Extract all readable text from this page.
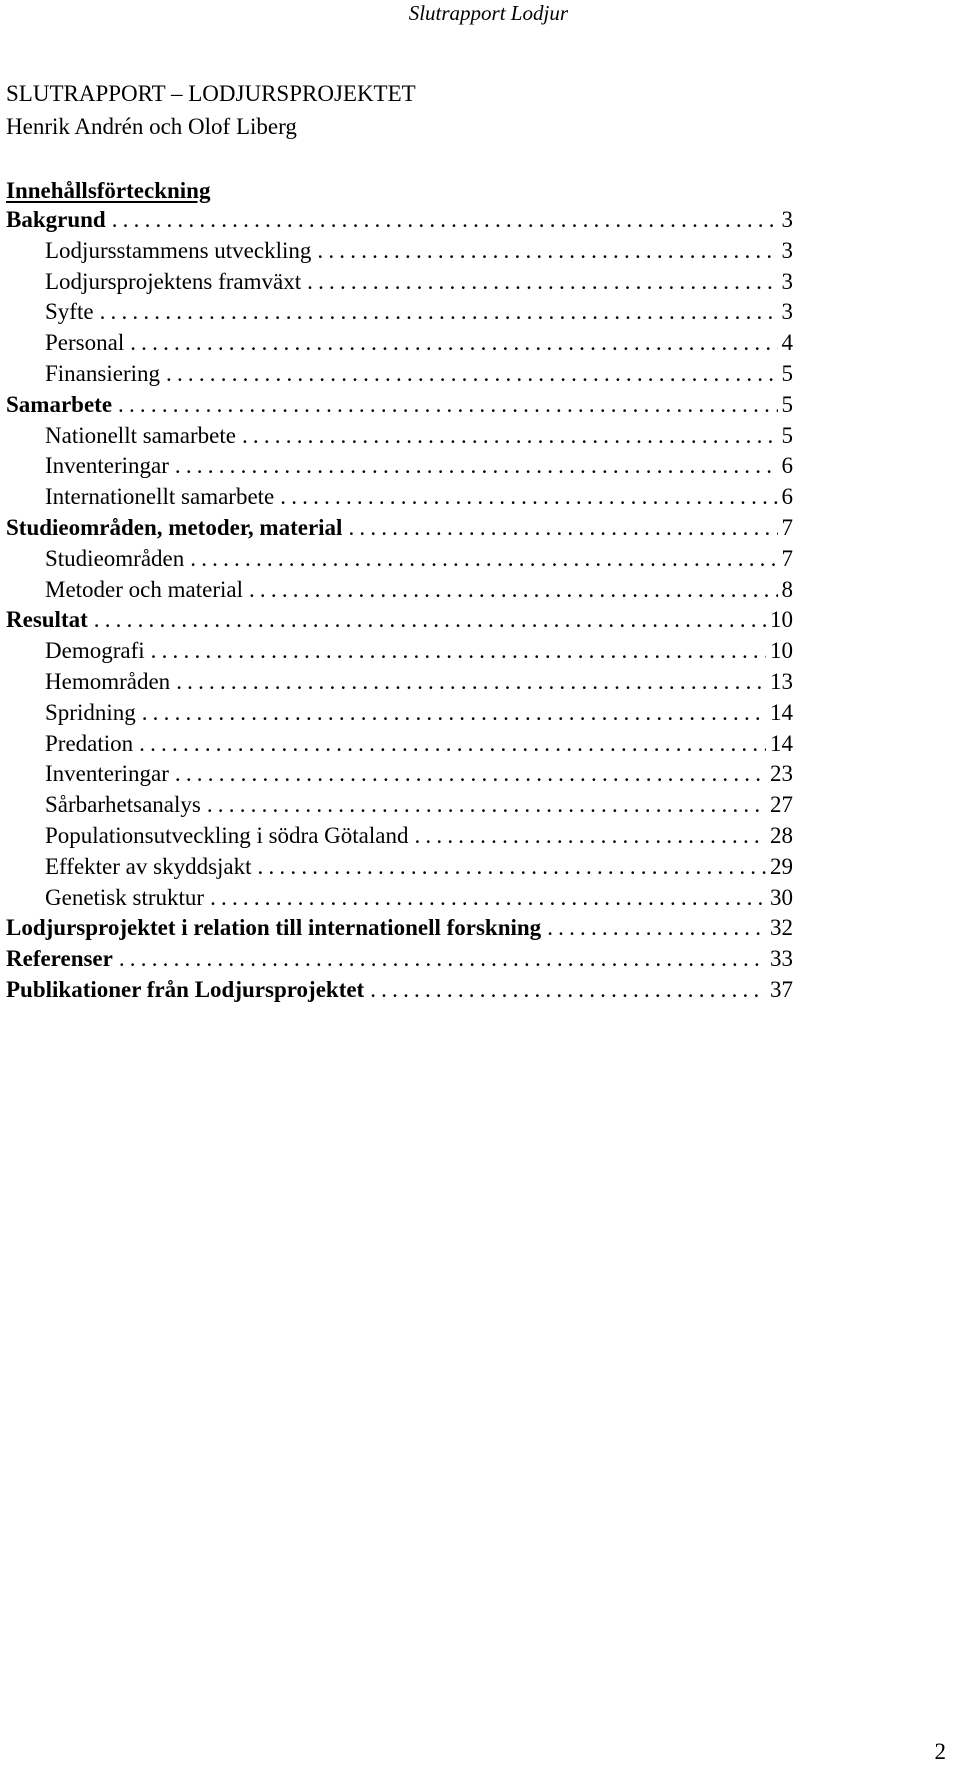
Slutrapport Lodjur
SLUTRAPPORT – LODJURSPROJEKTET
Henrik Andrén och Olof Liberg
Innehållsförteckning
Bakgrund .....	3
Lodjursstammens utveckling .....	3
Lodjursprojektens framväxt .....	3
Syfte .....	3
Personal .....	4
Finansiering .....	5
Samarbete .....	5
Nationellt samarbete .....	5
Inventeringar .....	6
Internationellt samarbete .....	6
Studieområden, metoder, material .....	7
Studieområden .....	7
Metoder och material .....	8
Resultat .....	10
Demografi .....	10
Hemområden .....	13
Spridning .....	14
Predation .....	14
Inventeringar .....	23
Sårbarhetsanalys .....	27
Populationsutveckling i södra Götaland .....	28
Effekter av skyddsjakt .....	29
Genetisk struktur .....	30
Lodjursprojektet i relation till internationell forskning .....	32
Referenser .....	33
Publikationer från Lodjursprojektet .....	37
2
